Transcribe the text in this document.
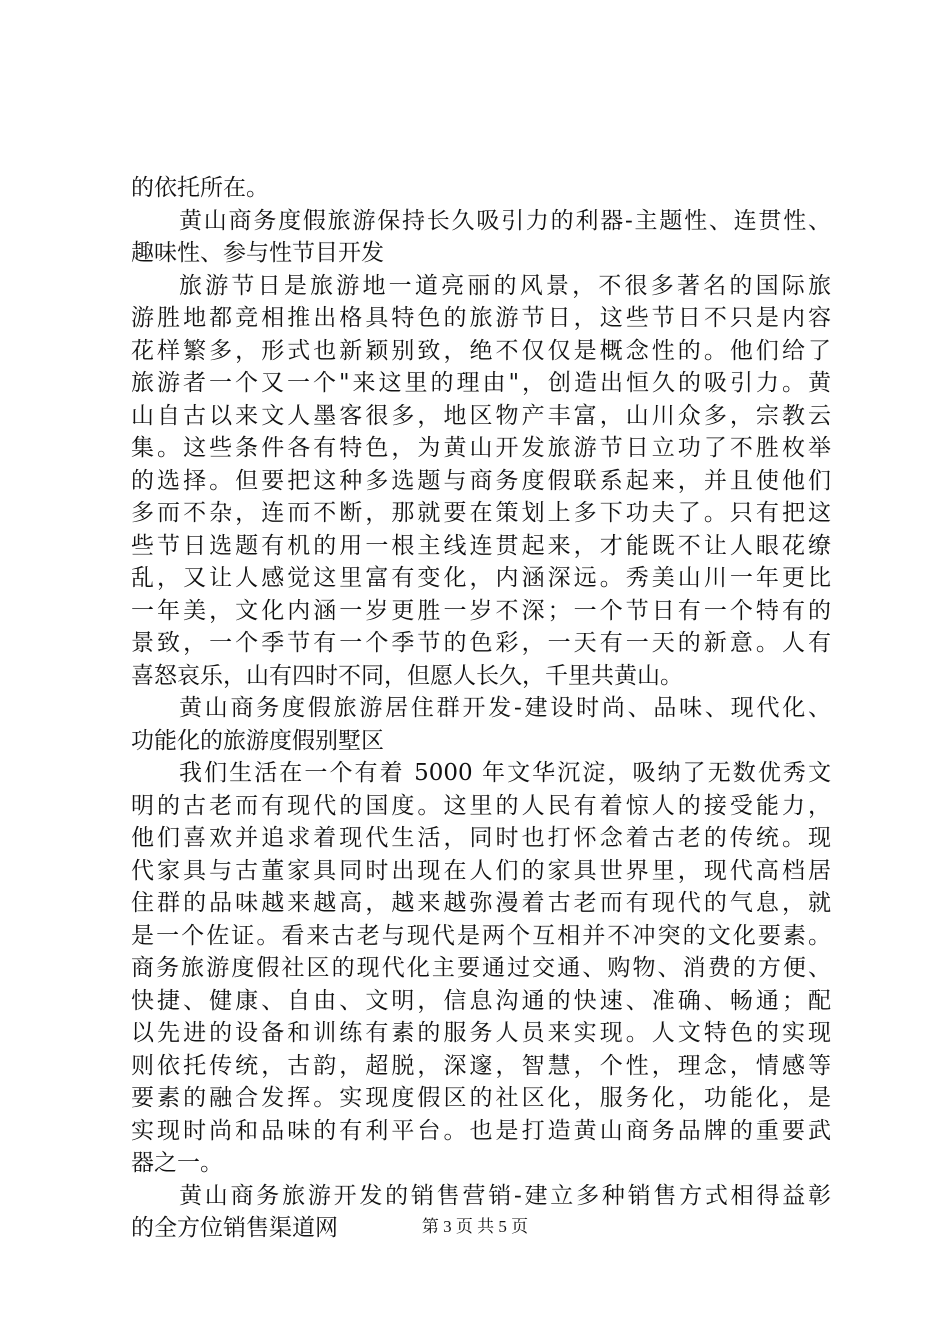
的依托所在。
黄山商务度假旅游保持长久吸引力的利器-主题性、连贯性、
趣味性、参与性节目开发
旅游节日是旅游地一道亮丽的风景，不很多著名的国际旅
游胜地都竞相推出格具特色的旅游节日，这些节日不只是内容
花样繁多，形式也新颖别致，绝不仅仅是概念性的。他们给了
旅游者一个又一个"来这里的理由"，创造出恒久的吸引力。黄
山自古以来文人墨客很多，地区物产丰富，山川众多，宗教云
集。这些条件各有特色，为黄山开发旅游节日立功了不胜枚举
的选择。但要把这种多选题与商务度假联系起来，并且使他们
多而不杂，连而不断，那就要在策划上多下功夫了。只有把这
些节日选题有机的用一根主线连贯起来，才能既不让人眼花缭
乱，又让人感觉这里富有变化，内涵深远。秀美山川一年更比
一年美，文化内涵一岁更胜一岁不深；一个节日有一个特有的
景致，一个季节有一个季节的色彩，一天有一天的新意。人有
喜怒哀乐，山有四时不同，但愿人长久，千里共黄山。
黄山商务度假旅游居住群开发-建设时尚、品味、现代化、
功能化的旅游度假别墅区
我们生活在一个有着 5000 年文华沉淀，吸纳了无数优秀文
明的古老而有现代的国度。这里的人民有着惊人的接受能力，
他们喜欢并追求着现代生活，同时也打怀念着古老的传统。现
代家具与古董家具同时出现在人们的家具世界里，现代高档居
住群的品味越来越高，越来越弥漫着古老而有现代的气息，就
是一个佐证。看来古老与现代是两个互相并不冲突的文化要素。
商务旅游度假社区的现代化主要通过交通、购物、消费的方便、
快捷、健康、自由、文明，信息沟通的快速、准确、畅通；配
以先进的设备和训练有素的服务人员来实现。人文特色的实现
则依托传统，古韵，超脱，深邃，智慧，个性，理念，情感等
要素的融合发挥。实现度假区的社区化，服务化，功能化，是
实现时尚和品味的有利平台。也是打造黄山商务品牌的重要武
器之一。
黄山商务旅游开发的销售营销-建立多种销售方式相得益彰
的全方位销售渠道网	第 3 页 共 5 页
